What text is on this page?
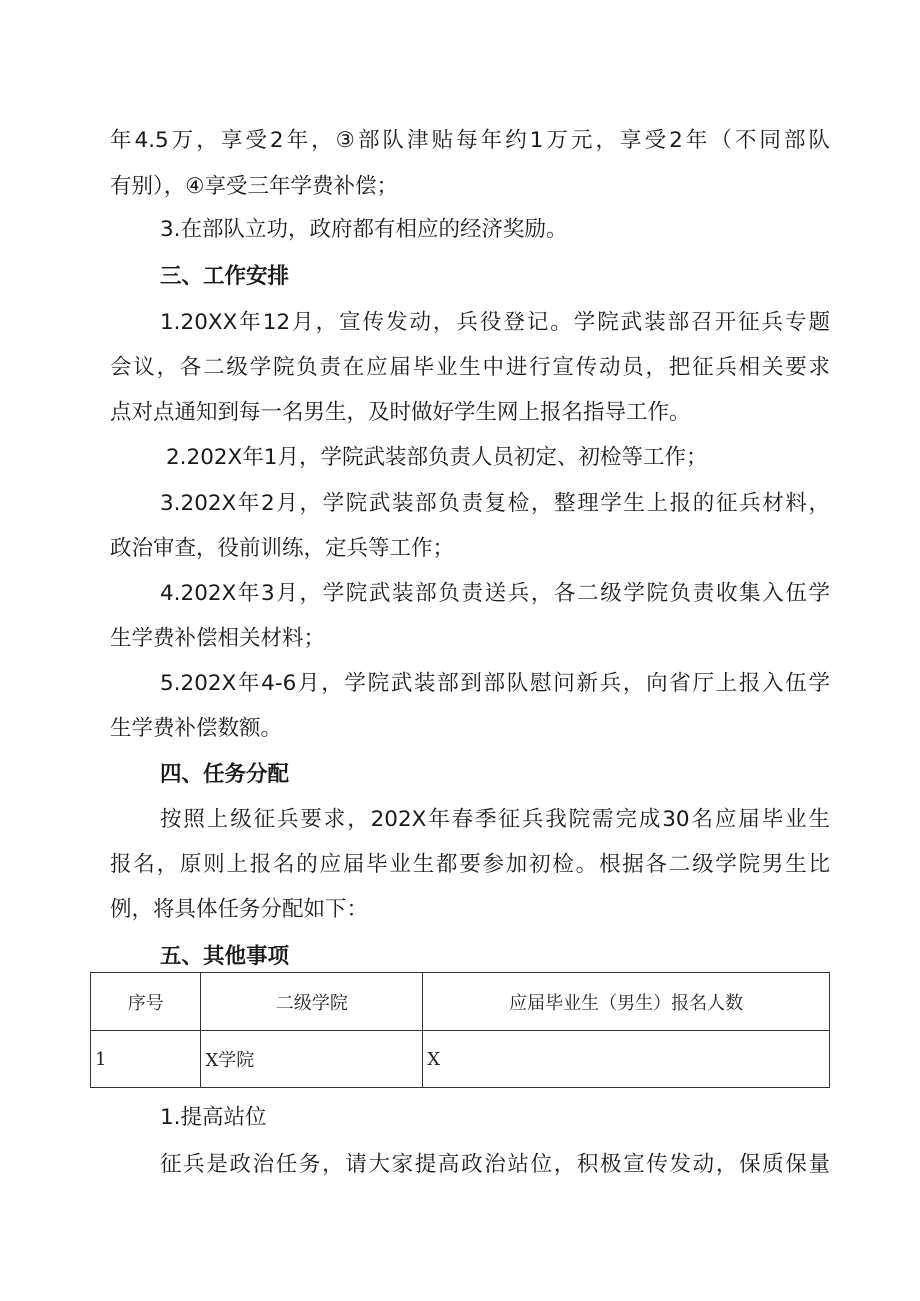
年4.5万，享受2年，③部队津贴每年约1万元，享受2年（不同部队
有别），④享受三年学费补偿；
3.在部队立功，政府都有相应的经济奖励。
三、工作安排
1.20XX年12月，宣传发动，兵役登记。学院武装部召开征兵专题
会议，各二级学院负责在应届毕业生中进行宣传动员，把征兵相关要求
点对点通知到每一名男生，及时做好学生网上报名指导工作。
2.202X年1月，学院武装部负责人员初定、初检等工作；
3.202X年2月，学院武装部负责复检，整理学生上报的征兵材料，
政治审查，役前训练，定兵等工作；
4.202X年3月，学院武装部负责送兵，各二级学院负责收集入伍学
生学费补偿相关材料；
5.202X年4-6月，学院武装部到部队慰问新兵，向省厅上报入伍学
生学费补偿数额。
四、任务分配
按照上级征兵要求，202X年春季征兵我院需完成30名应届毕业生
报名，原则上报名的应届毕业生都要参加初检。根据各二级学院男生比
例，将具体任务分配如下：
五、其他事项
序号	二级学院	应届毕业生（男生）报名人数
1	X学院	X
1.提高站位
征兵是政治任务，请大家提高政治站位，积极宣传发动，保质保量
